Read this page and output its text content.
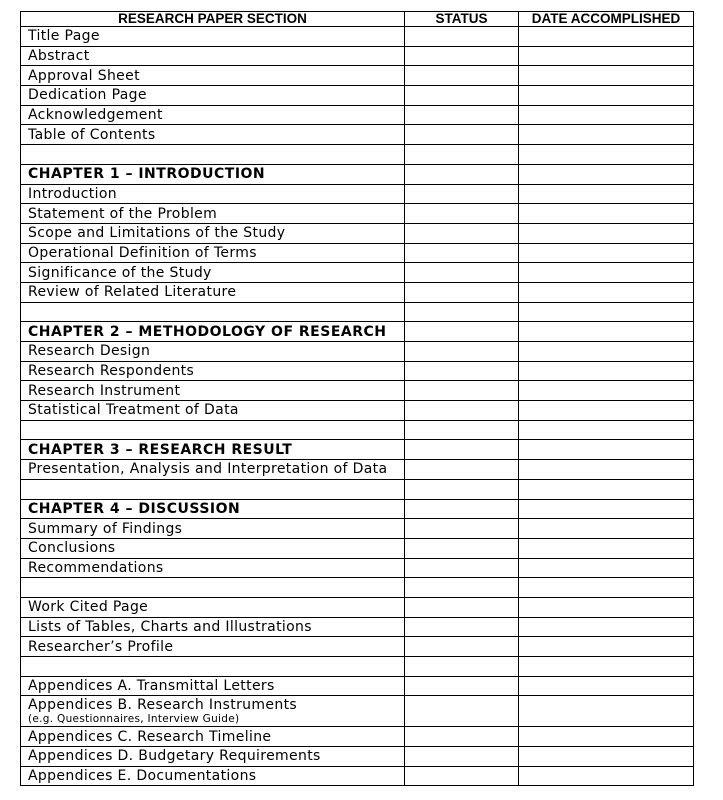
RESEARCH PAPER SECTION	STATUS	DATE ACCOMPLISHED
Title Page		
Abstract		
Approval Sheet		
Dedication Page		
Acknowledgement		
Table of Contents		

CHAPTER 1 – INTRODUCTION		
Introduction		
Statement of the Problem		
Scope and Limitations of the Study		
Operational Definition of Terms		
Significance of the Study		
Review of Related Literature		

CHAPTER 2 – METHODOLOGY OF RESEARCH		
Research Design		
Research Respondents		
Research Instrument		
Statistical Treatment of Data		

CHAPTER 3 – RESEARCH RESULT		
Presentation, Analysis and Interpretation of Data		

CHAPTER 4 – DISCUSSION		
Summary of Findings		
Conclusions		
Recommendations		

Work Cited Page		
Lists of Tables, Charts and Illustrations		
Researcher’s Profile		

Appendices A. Transmittal Letters		
Appendices B. Research Instruments
(e.g. Questionnaires, Interview Guide)		

Appendices C. Research Timeline		
Appendices D. Budgetary Requirements		
Appendices E. Documentations		
